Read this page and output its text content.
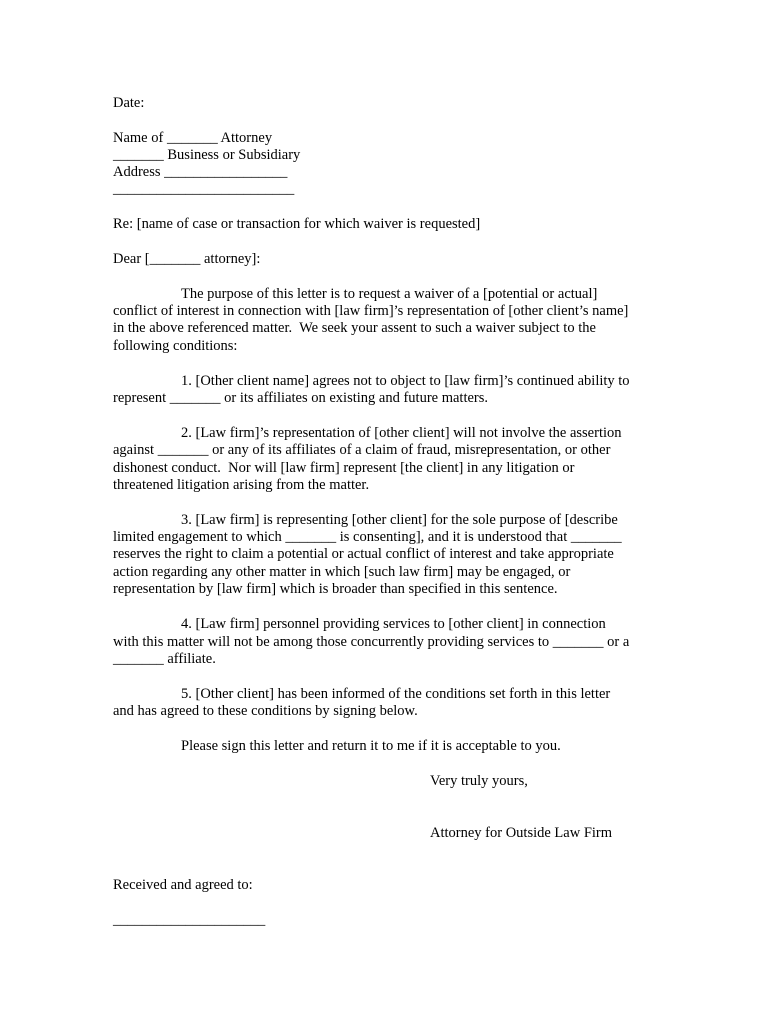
Date:
Name of _______ Attorney
_______ Business or Subsidiary
Address _________________
_________________________
Re: [name of case or transaction for which waiver is requested]
Dear [_______ attorney]:
The purpose of this letter is to request a waiver of a [potential or actual]
conflict of interest in connection with [law firm]’s representation of [other client’s name]
in the above referenced matter.  We seek your assent to such a waiver subject to the
following conditions:
1. [Other client name] agrees not to object to [law firm]’s continued ability to
represent _______ or its affiliates on existing and future matters.
2. [Law firm]’s representation of [other client] will not involve the assertion
against _______ or any of its affiliates of a claim of fraud, misrepresentation, or other
dishonest conduct.  Nor will [law firm] represent [the client] in any litigation or
threatened litigation arising from the matter.
3. [Law firm] is representing [other client] for the sole purpose of [describe
limited engagement to which _______ is consenting], and it is understood that _______
reserves the right to claim a potential or actual conflict of interest and take appropriate
action regarding any other matter in which [such law firm] may be engaged, or
representation by [law firm] which is broader than specified in this sentence.
4. [Law firm] personnel providing services to [other client] in connection
with this matter will not be among those concurrently providing services to _______ or a
_______ affiliate.
5. [Other client] has been informed of the conditions set forth in this letter
and has agreed to these conditions by signing below.
Please sign this letter and return it to me if it is acceptable to you.
Very truly yours,
Attorney for Outside Law Firm
Received and agreed to:
_____________________
